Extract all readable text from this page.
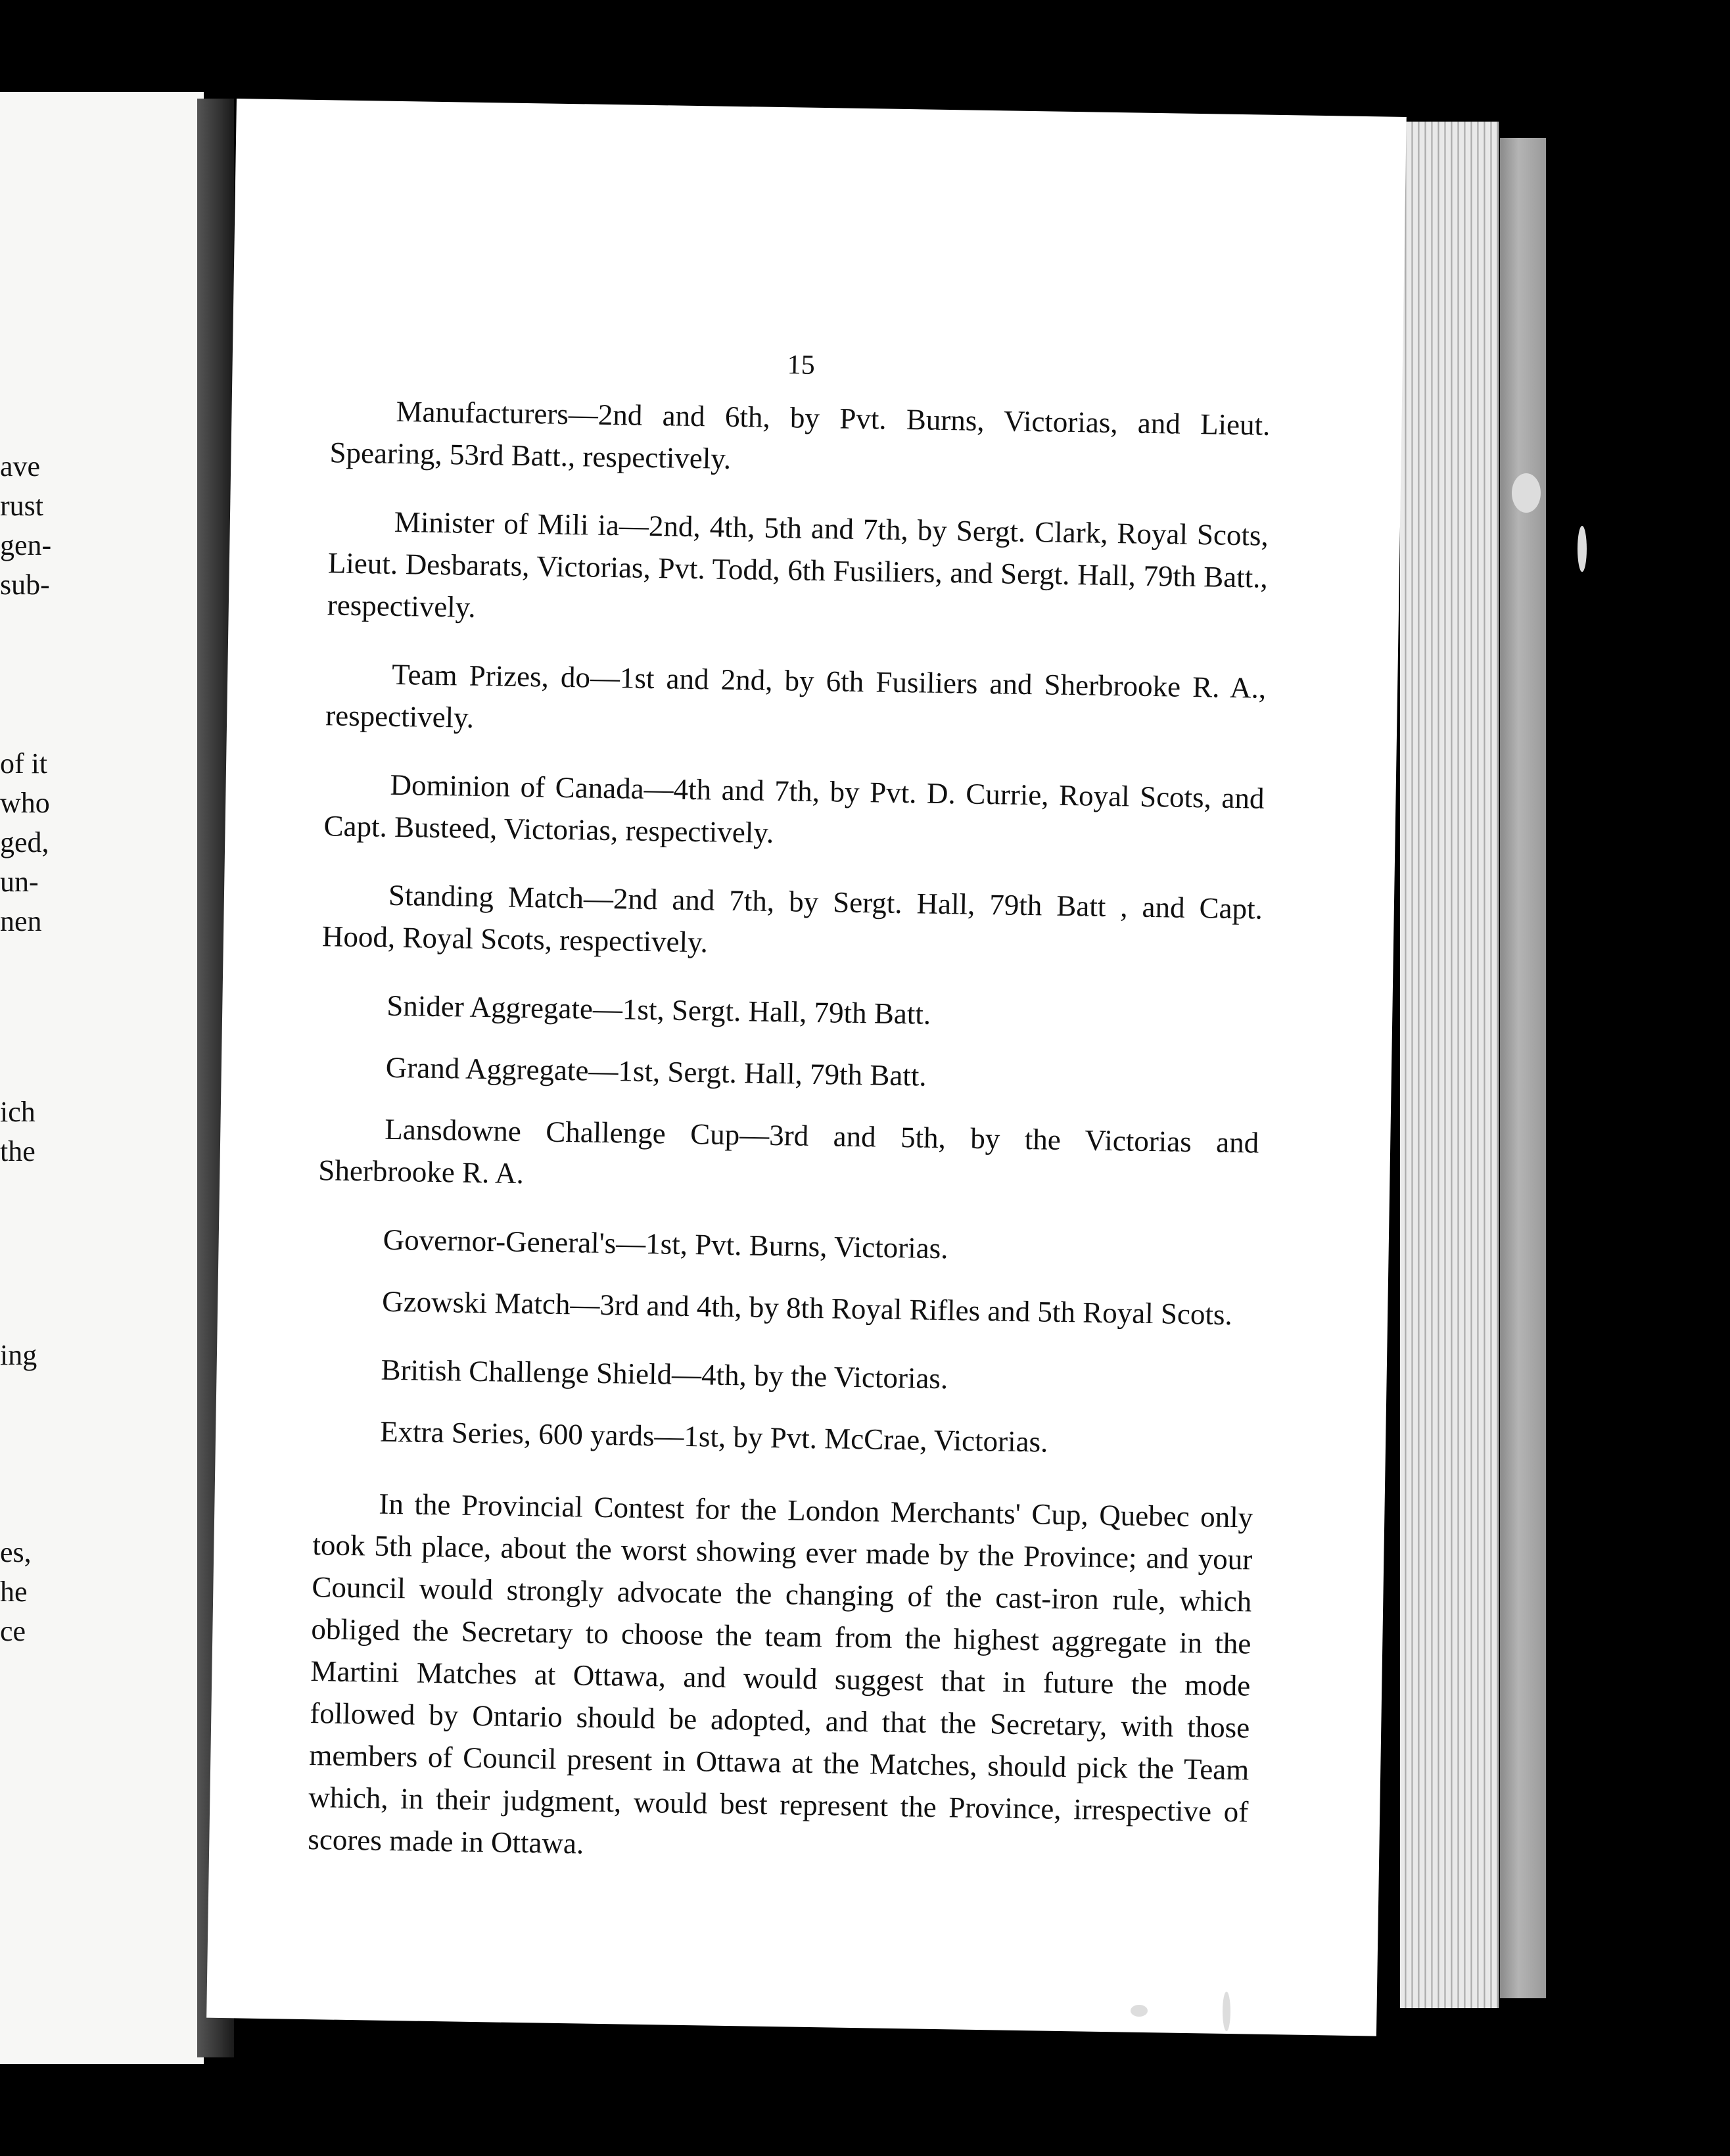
ave
rust
gen-
sub-
of it
who
ged,
un-
nen
ich
the
ing
es,
he
ce
15

Manufacturers—2nd and 6th, by Pvt. Burns, Victorias, and Lieut. Spearing, 53rd Batt., respectively.

Minister of Mili ia—2nd, 4th, 5th and 7th, by Sergt. Clark, Royal Scots, Lieut. Desbarats, Victorias, Pvt. Todd, 6th Fusiliers, and Sergt. Hall, 79th Batt., respectively.

Team Prizes, do—1st and 2nd, by 6th Fusiliers and Sherbrooke R. A., respectively.

Dominion of Canada—4th and 7th, by Pvt. D. Currie, Royal Scots, and Capt. Busteed, Victorias, respectively.

Standing Match—2nd and 7th, by Sergt. Hall, 79th Batt , and Capt. Hood, Royal Scots, respectively.

Snider Aggregate—1st, Sergt. Hall, 79th Batt.

Grand Aggregate—1st, Sergt. Hall, 79th Batt.

Lansdowne Challenge Cup—3rd and 5th, by the Victorias and Sherbrooke R. A.

Governor-General's—1st, Pvt. Burns, Victorias.

Gzowski Match—3rd and 4th, by 8th Royal Rifles and 5th Royal Scots.

British Challenge Shield—4th, by the Victorias.

Extra Series, 600 yards—1st, by Pvt. McCrae, Victorias.

In the Provincial Contest for the London Merchants' Cup, Quebec only took 5th place, about the worst showing ever made by the Province; and your Council would strongly advocate the changing of the cast-iron rule, which obliged the Secretary to choose the team from the highest aggregate in the Martini Matches at Ottawa, and would suggest that in future the mode followed by Ontario should be adopted, and that the Secretary, with those members of Council present in Ottawa at the Matches, should pick the Team which, in their judgment, would best represent the Province, irrespective of scores made in Ottawa.
